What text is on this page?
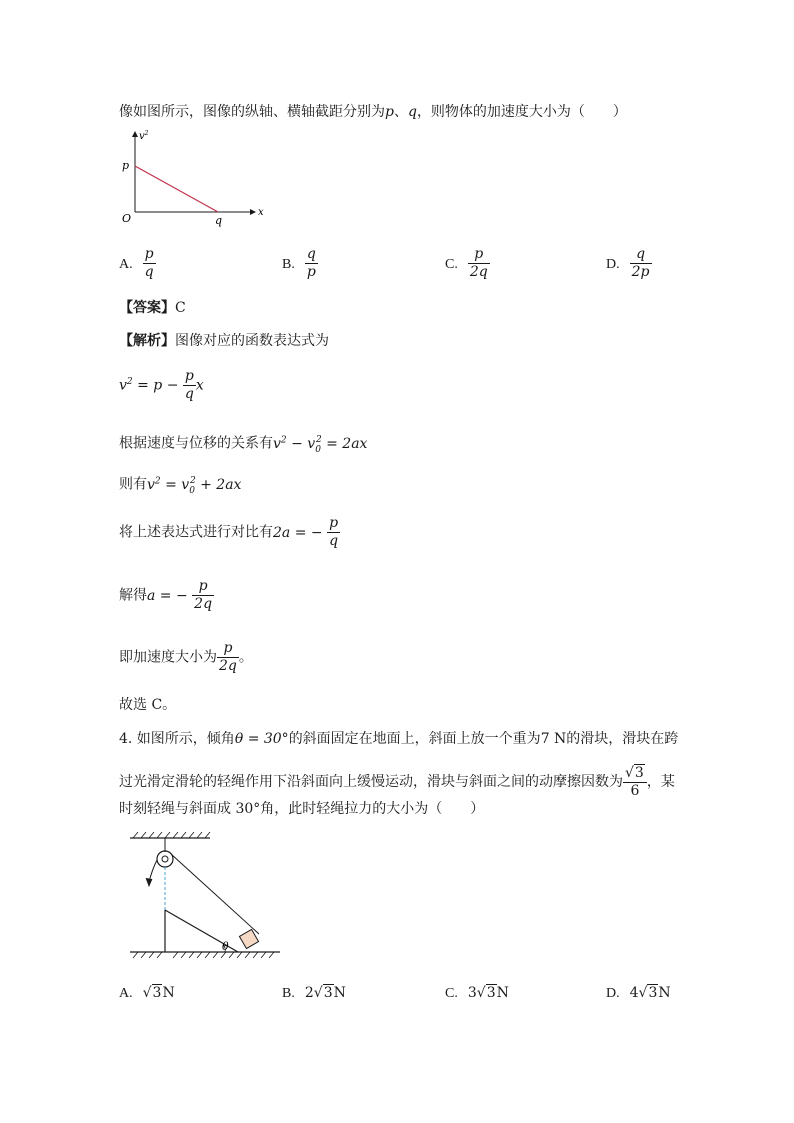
像如图所示，图像的纵轴、横轴截距分别为p、q，则物体的加速度大小为（　　）
$v^2$
x
O
p
q
A. $\frac{p}{q}$	B. $\frac{q}{p}$	C. $\frac{p}{2q}$	D. $\frac{q}{2p}$
【答案】C
【解析】图像对应的函数表达式为
$v^2 = p - \frac{p}{q}$ x
根据速度与位移的关系有$v^2 - v_0^2 = 2ax$
则有$v^2 = v_0^2 + 2ax$
将上述表达式进行对比有2a = − $\frac{p}{q}$
解得a = − $\frac{p}{2q}$
即加速度大小为 $\frac{p}{2q}$ 。
故选 C。
4. 如图所示，倾角θ = 30°的斜面固定在地面上，斜面上放一个重为7 N的滑块，滑块在跨
过光滑定滑轮的轻绳作用下沿斜面向上缓慢运动，滑块与斜面之间的动摩擦因数为 $\frac{√3}{6}$ ，某
时刻轻绳与斜面成 30°角，此时轻绳拉力的大小为（　　）
θ
A. √3N	B. 2√3N	C. 3√3N	D. 4√3N
